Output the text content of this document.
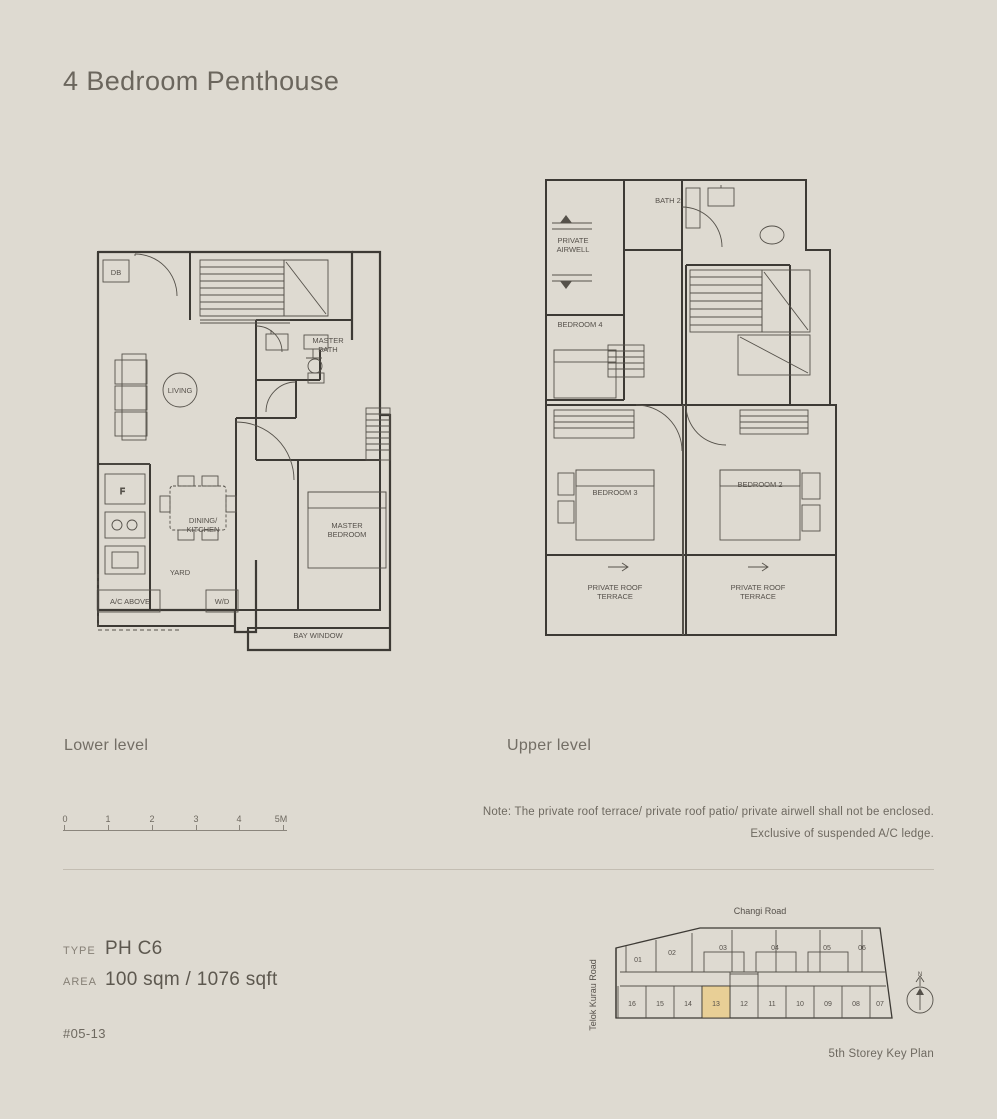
4 Bedroom Penthouse
F
DB
LIVING
MASTER
BATH
DINING/
KITCHEN	MASTER
BEDROOM
YARD
W/D
A/C ABOVE
BAY WINDOW
BATH 2
PRIVATE
AIRWELL
BEDROOM 4
BEDROOM 3
BEDROOM 2
PRIVATE ROOF
TERRACE
PRIVATE ROOF
TERRACE
Lower level	Upper level
0	1	2	3	4	5M
Note: The private roof terrace/ private roof patio/ private airwell shall not be enclosed.
Exclusive of suspended A/C ledge.
TYPE PH C6
AREA 100 sqm / 1076 sqft
#05-13
Changi Road
Telok Kurau Road	01
02
03	04	05	06
16	15	14	13	12	11	10	09	08 07
N
5th Storey Key Plan
